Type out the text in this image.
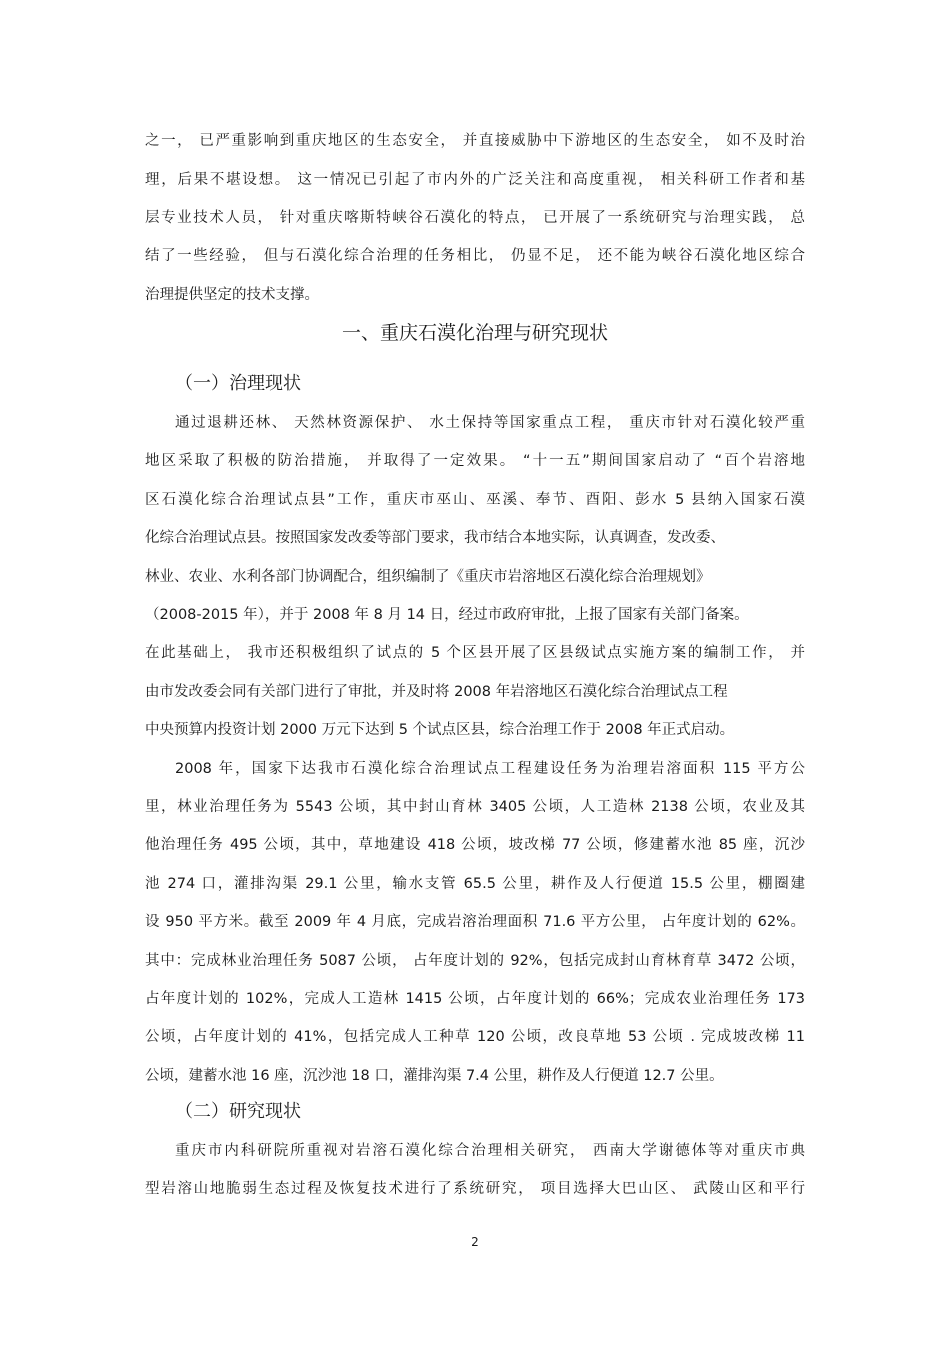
之一， 已严重影响到重庆地区的生态安全， 并直接威胁中下游地区的生态安全， 如不及时治
理，后果不堪设想。 这一情况已引起了市内外的广泛关注和高度重视， 相关科研工作者和基
层专业技术人员， 针对重庆喀斯特峡谷石漠化的特点， 已开展了一系统研究与治理实践， 总
结了一些经验， 但与石漠化综合治理的任务相比， 仍显不足， 还不能为峡谷石漠化地区综合
治理提供坚定的技术支撑。
一、重庆石漠化治理与研究现状
（一）治理现状
通过退耕还林、 天然林资源保护、 水土保持等国家重点工程， 重庆市针对石漠化较严重
地区采取了积极的防治措施， 并取得了一定效果。 “十一五”期间国家启动了 “百个岩溶地
区石漠化综合治理试点县”工作，重庆市巫山、巫溪、奉节、酉阳、彭水 5 县纳入国家石漠
化综合治理试点县。按照国家发改委等部门要求，我市结合本地实际，认真调查，发改委、
林业、农业、水利各部门协调配合，组织编制了《重庆市岩溶地区石漠化综合治理规划》
（2008-2015 年），并于 2008 年 8 月 14 日，经过市政府审批，上报了国家有关部门备案。
在此基础上， 我市还积极组织了试点的 5 个区县开展了区县级试点实施方案的编制工作， 并
由市发改委会同有关部门进行了审批，并及时将 2008 年岩溶地区石漠化综合治理试点工程
中央预算内投资计划 2000 万元下达到 5 个试点区县，综合治理工作于 2008 年正式启动。
2008 年，国家下达我市石漠化综合治理试点工程建设任务为治理岩溶面积 115 平方公
里，林业治理任务为 5543 公顷，其中封山育林 3405 公顷，人工造林 2138 公顷，农业及其
他治理任务 495 公顷，其中，草地建设 418 公顷，坡改梯 77 公顷，修建蓄水池 85 座，沉沙
池 274 口，灌排沟渠 29.1 公里，输水支管 65.5 公里，耕作及人行便道 15.5 公里，棚圈建
设 950 平方米。截至 2009 年 4 月底，完成岩溶治理面积 71.6 平方公里， 占年度计划的 62%。
其中：完成林业治理任务 5087 公顷， 占年度计划的 92%，包括完成封山育林育草 3472 公顷，
占年度计划的 102%，完成人工造林 1415 公顷，占年度计划的 66%；完成农业治理任务 173
公顷，占年度计划的 41%，包括完成人工种草 120 公顷，改良草地 53 公顷 . 完成坡改梯 11
公顷，建蓄水池 16 座，沉沙池 18 口，灌排沟渠 7.4 公里，耕作及人行便道 12.7 公里。
（二）研究现状
重庆市内科研院所重视对岩溶石漠化综合治理相关研究， 西南大学谢德体等对重庆市典
型岩溶山地脆弱生态过程及恢复技术进行了系统研究， 项目选择大巴山区、 武陵山区和平行
2
